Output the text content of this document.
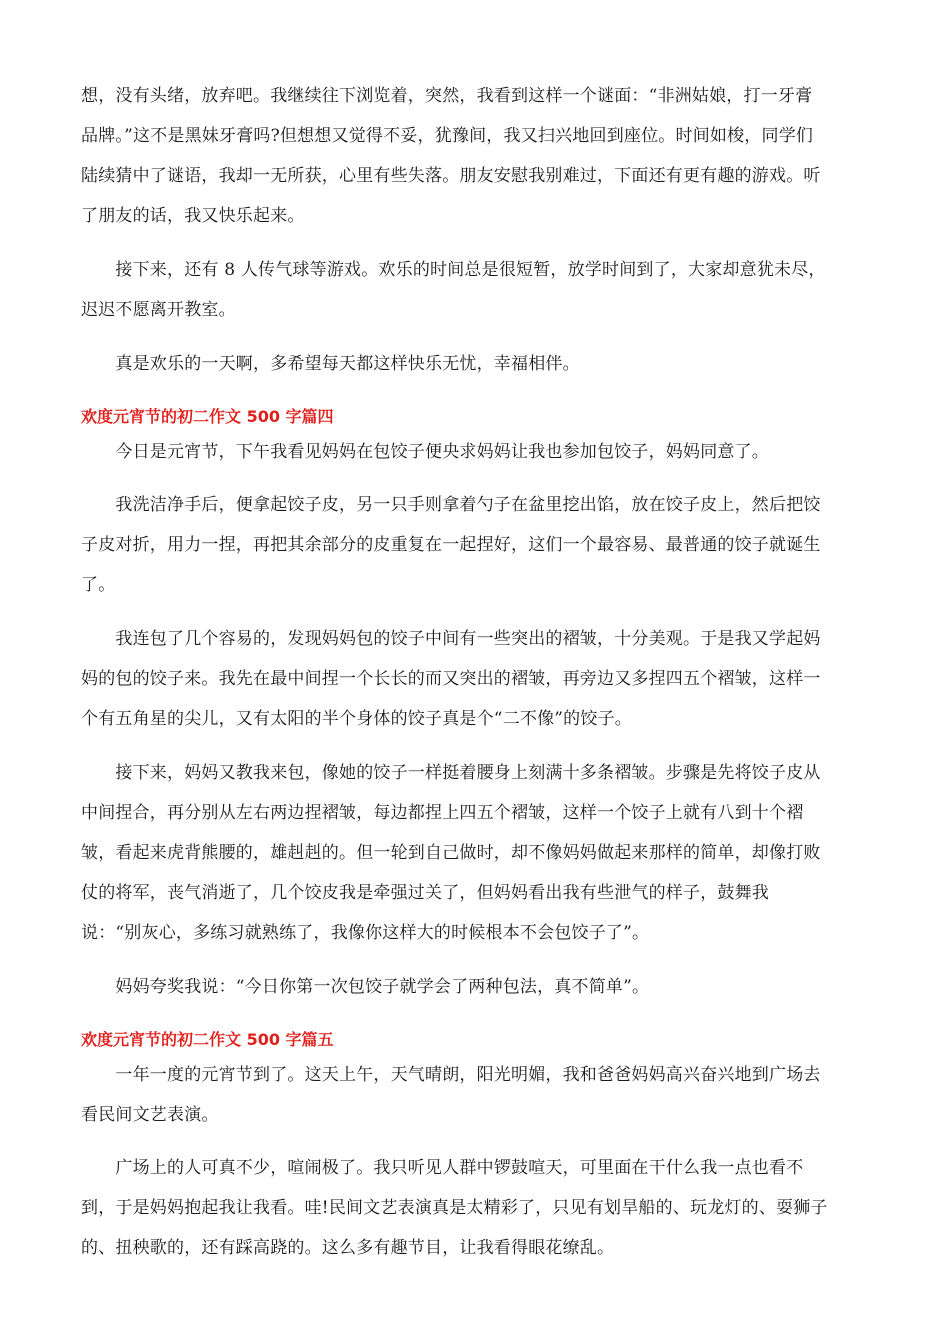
想，没有头绪，放弃吧。我继续往下浏览着，突然，我看到这样一个谜面：“非洲姑娘，打一牙膏
品牌。”这不是黑妹牙膏吗?但想想又觉得不妥，犹豫间，我又扫兴地回到座位。时间如梭，同学们
陆续猜中了谜语，我却一无所获，心里有些失落。朋友安慰我别难过，下面还有更有趣的游戏。听
了朋友的话，我又快乐起来。
　　接下来，还有 8 人传气球等游戏。欢乐的时间总是很短暂，放学时间到了，大家却意犹未尽，
迟迟不愿离开教室。
　　真是欢乐的一天啊，多希望每天都这样快乐无忧，幸福相伴。
欢度元宵节的初二作文 500 字篇四
　　今日是元宵节，下午我看见妈妈在包饺子便央求妈妈让我也参加包饺子，妈妈同意了。
　　我洗洁净手后，便拿起饺子皮，另一只手则拿着勺子在盆里挖出馅，放在饺子皮上，然后把饺
子皮对折，用力一捏，再把其余部分的皮重复在一起捏好，这们一个最容易、最普通的饺子就诞生
了。
　　我连包了几个容易的，发现妈妈包的饺子中间有一些突出的褶皱，十分美观。于是我又学起妈
妈的包的饺子来。我先在最中间捏一个长长的而又突出的褶皱，再旁边又多捏四五个褶皱，这样一
个有五角星的尖儿，又有太阳的半个身体的饺子真是个“二不像”的饺子。
　　接下来，妈妈又教我来包，像她的饺子一样挺着腰身上刻满十多条褶皱。步骤是先将饺子皮从
中间捏合，再分别从左右两边捏褶皱，每边都捏上四五个褶皱，这样一个饺子上就有八到十个褶
皱，看起来虎背熊腰的，雄赳赳的。但一轮到自己做时，却不像妈妈做起来那样的简单，却像打败
仗的将军，丧气消逝了，几个饺皮我是牵强过关了，但妈妈看出我有些泄气的样子，鼓舞我
说：“别灰心，多练习就熟练了，我像你这样大的时候根本不会包饺子了”。
　　妈妈夸奖我说：“今日你第一次包饺子就学会了两种包法，真不简单”。
欢度元宵节的初二作文 500 字篇五
　　一年一度的元宵节到了。这天上午，天气晴朗，阳光明媚，我和爸爸妈妈高兴奋兴地到广场去
看民间文艺表演。
　　广场上的人可真不少，喧闹极了。我只听见人群中锣鼓喧天，可里面在干什么我一点也看不
到，于是妈妈抱起我让我看。哇!民间文艺表演真是太精彩了，只见有划旱船的、玩龙灯的、耍狮子
的、扭秧歌的，还有踩高跷的。这么多有趣节目，让我看得眼花缭乱。
